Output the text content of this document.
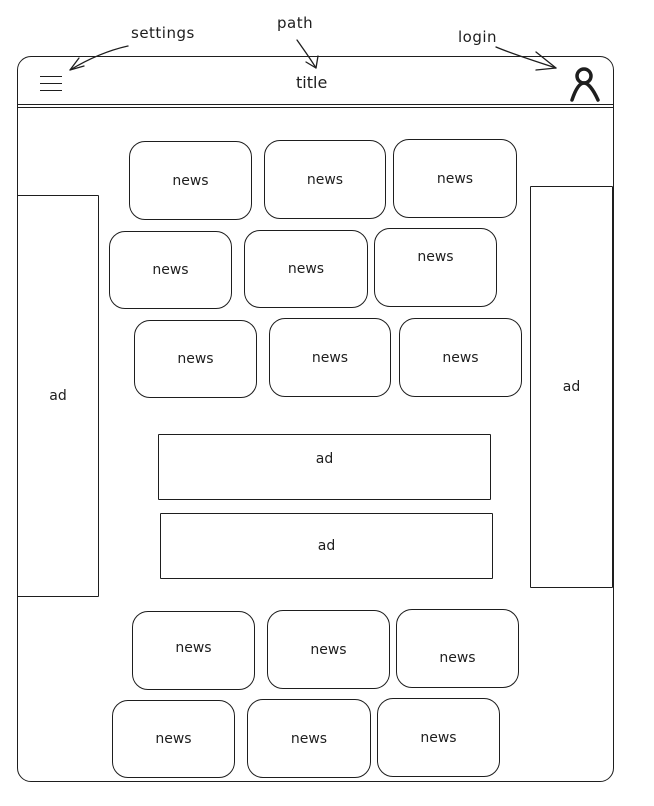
settings
path
login
title
ad
ad
news	news	news
news	news
news
news	news	news
ad
ad
news	news
news
news	news	news
